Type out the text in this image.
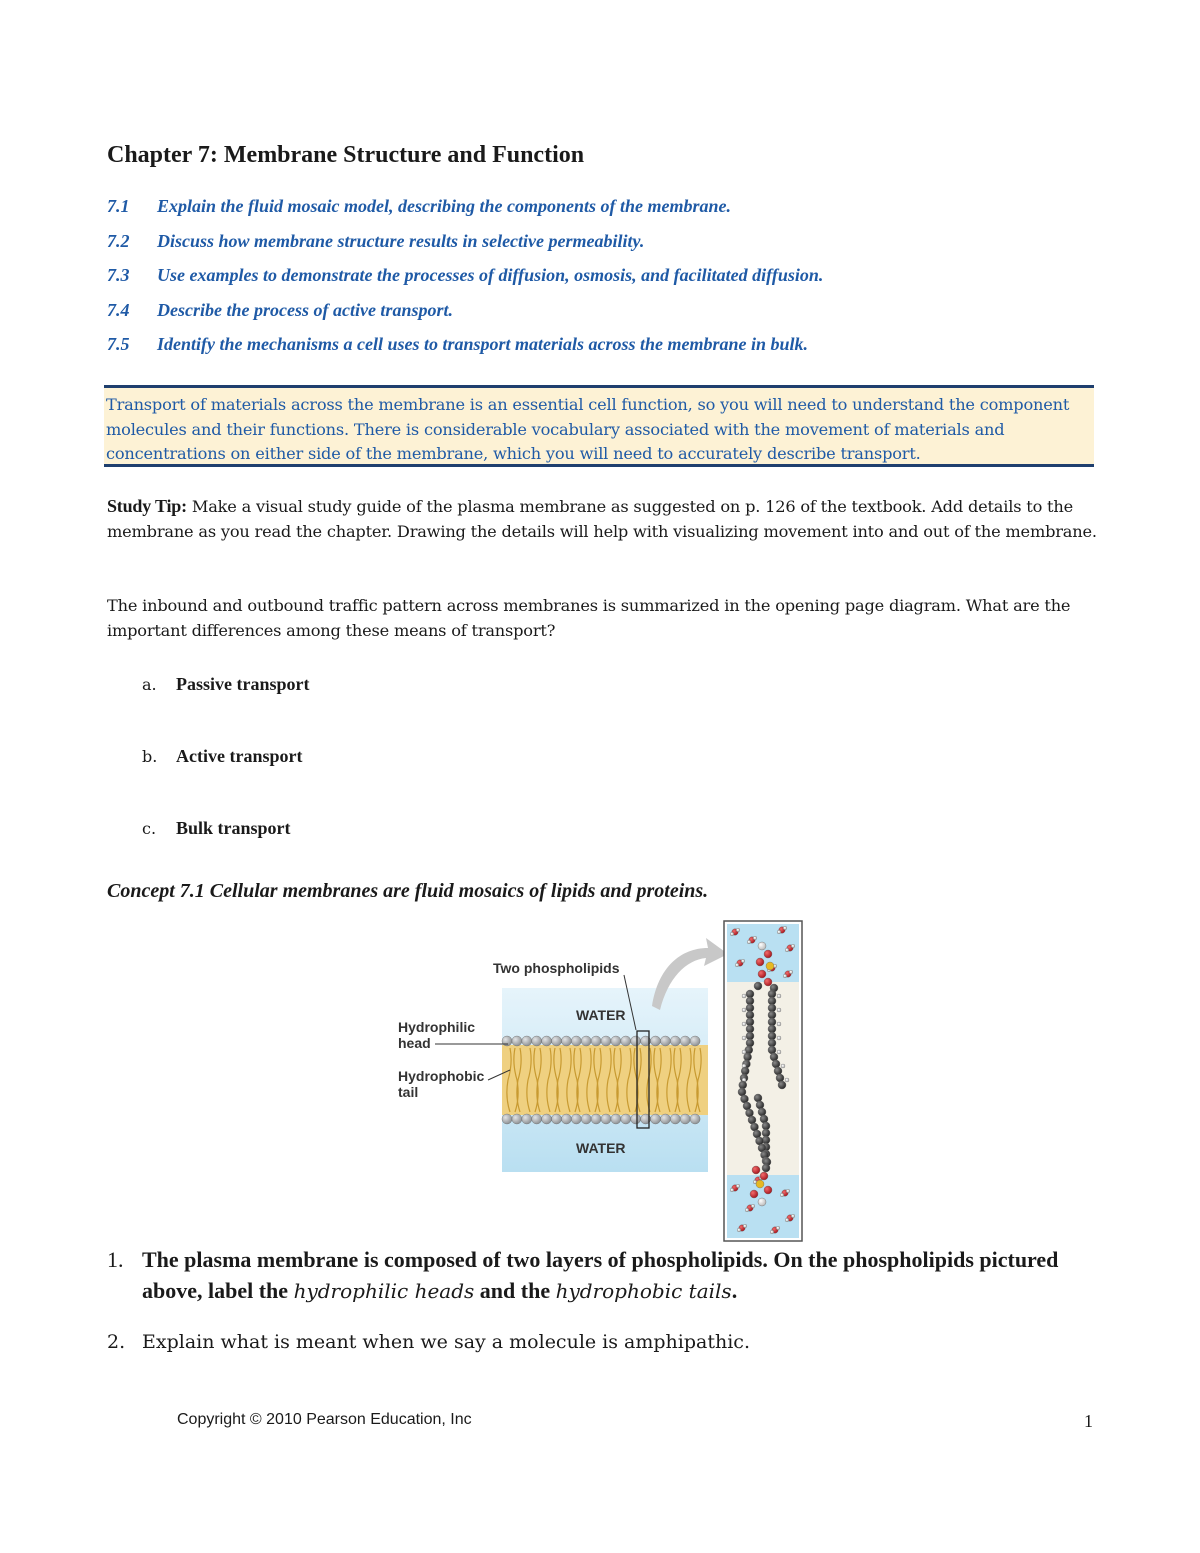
Chapter 7: Membrane Structure and Function
7.1 Explain the fluid mosaic model, describing the components of the membrane.
7.2 Discuss how membrane structure results in selective permeability.
7.3 Use examples to demonstrate the processes of diffusion, osmosis, and facilitated diffusion.
7.4 Describe the process of active transport.
7.5 Identify the mechanisms a cell uses to transport materials across the membrane in bulk.

Transport of materials across the membrane is an essential cell function, so you will need to understand the component molecules and their functions. There is considerable vocabulary associated with the movement of materials and concentrations on either side of the membrane, which you will need to accurately describe transport.

Study Tip: Make a visual study guide of the plasma membrane as suggested on p. 126 of the textbook. Add details to the membrane as you read the chapter. Drawing the details will help with visualizing movement into and out of the membrane.

The inbound and outbound traffic pattern across membranes is summarized in the opening page diagram. What are the important differences among these means of transport?

a. Passive transport
b. Active transport
c. Bulk transport
Concept 7.1 Cellular membranes are fluid mosaics of lipids and proteins.
Two phospholipids
WATER
WATER
Hydrophilic
head
Hydrophobic
tail
1. The plasma membrane is composed of two layers of phospholipids. On the phospholipids pictured above, label the hydrophilic heads and the hydrophobic tails.
2. Explain what is meant when we say a molecule is amphipathic.
Copyright © 2010 Pearson Education, Inc	1
